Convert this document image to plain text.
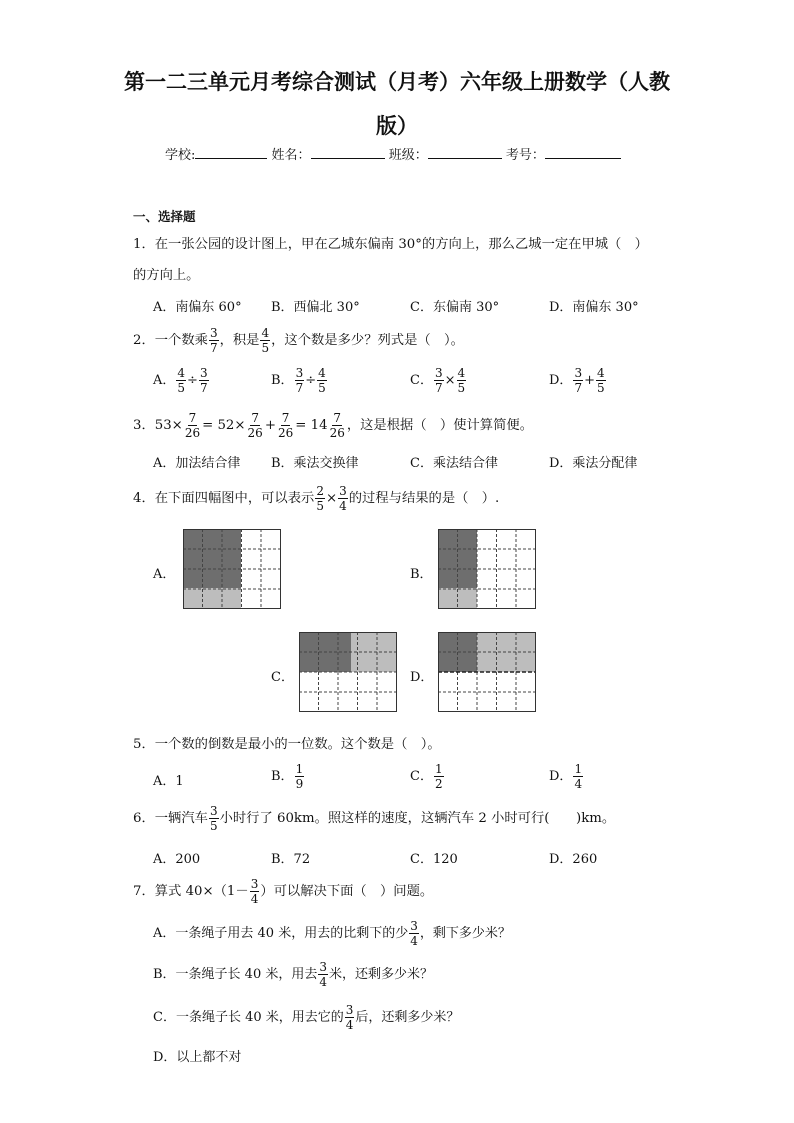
第一二三单元月考综合测试（月考）六年级上册数学（人教
版）
学校:	姓名：	班级：	考号：
一、选择题
1．在一张公园的设计图上，甲在乙城东偏南 30°的方向上，那么乙城一定在甲城（　）
的方向上。
A．南偏东 60° B．西偏北 30°	C．东偏南 30°	D．南偏东 30°
2．一个数乘 $\frac{3}{7}$ ，积是 $\frac{4}{5}$ ，这个数是多少？列式是（　）。
A． $\frac{4}{5} \div \frac{3}{7}$	B． $\frac{3}{7} \div \frac{4}{5}$	C． $\frac{3}{7} \times \frac{4}{5}$	D． $\frac{3}{7} + \frac{4}{5}$
3．$53\times \frac{7}{26} = 52\times \frac{7}{26} + \frac{7}{26} = 14 \frac{7}{26}$ ，这是根据（　）使计算简便。
A．加法结合律 B．乘法交换律	C．乘法结合律	D．乘法分配律
4．在下面四幅图中，可以表示 $\frac{2}{5} \times \frac{3}{4}$ 的过程与结果的是（　）.
A．	B．
C．	D．
5．一个数的倒数是最小的一位数。这个数是（　）。
A．1	B． $\frac{1}{9}$	C． $\frac{1}{2}$	D． $\frac{1}{4}$
6．一辆汽车 $\frac{3}{5}$ 小时行了 60km。照这样的速度，这辆汽车 2 小时可行(　　)km。
A．200	B．72	C．120	D．260
7．算式 $40\times(1- \frac{3}{4}$ ）可以解决下面（　）问题。
A．一条绳子用去 40 米，用去的比剩下的少 $\frac{3}{4}$ ，剩下多少米？
B．一条绳子长 40 米，用去 $\frac{3}{4}$ 米，还剩多少米？
C．一条绳子长 40 米，用去它的 $\frac{3}{4}$ 后，还剩多少米？
D．以上都不对
